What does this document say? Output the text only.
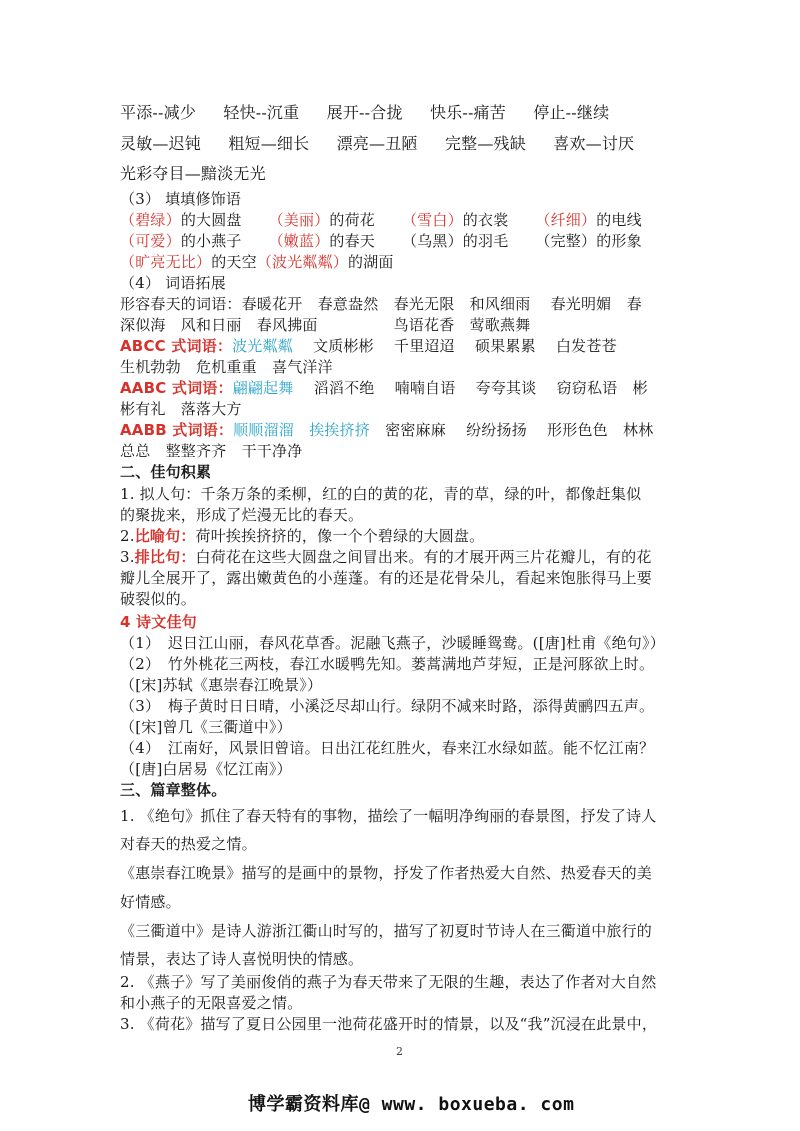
平添--减少 轻快--沉重 展开--合拢 快乐--痛苦 停止--继续
灵敏—迟钝 粗短—细长 漂亮—丑陋 完整—残缺 喜欢—讨厌
光彩夺目—黯淡无光
（3） 填填修饰语
（碧绿）的大圆盘 （美丽）的荷花 （雪白）的衣裳 （纤细）的电线
（可爱）的小燕子 （嫩蓝）的春天 （乌黑）的羽毛 （完整）的形象
（旷亮无比）的天空（波光粼粼）的湖面
（4） 词语拓展
形容春天的词语：春暖花开　春意盎然　春光无限　和风细雨　 春光明媚　春
深似海　风和日丽　春风拂面　　　　　鸟语花香　莺歌燕舞
ABCC 式词语：波光粼粼　 文质彬彬　 千里迢迢　 硕果累累　 白发苍苍
生机勃勃　危机重重　喜气洋洋
AABC 式词语：翩翩起舞　 滔滔不绝　 喃喃自语　 夸夸其谈　 窃窃私语　彬
彬有礼　落落大方
AABB 式词语：顺顺溜溜　挨挨挤挤　密密麻麻　 纷纷扬扬　 形形色色　林林
总总　整整齐齐　干干净净
二、佳句积累
1. 拟人句：千条万条的柔柳，红的白的黄的花，青的草，绿的叶，都像赶集似
的聚拢来，形成了烂漫无比的春天。
2.比喻句：荷叶挨挨挤挤的，像一个个碧绿的大圆盘。
3.排比句：白荷花在这些大圆盘之间冒出来。有的才展开两三片花瓣儿，有的花
瓣儿全展开了，露出嫩黄色的小莲蓬。有的还是花骨朵儿，看起来饱胀得马上要
破裂似的。
4 诗文佳句
（1）　迟日江山丽，春风花草香。泥融飞燕子，沙暖睡鸳鸯。([唐]杜甫《绝句》）
（2）　竹外桃花三两枝，春江水暖鸭先知。蒌蒿满地芦芽短，正是河豚欲上时。
（[宋]苏轼《惠崇春江晚景》）
（3）　梅子黄时日日晴，小溪泛尽却山行。绿阴不减来时路，添得黄鹂四五声。
（[宋]曾几《三衢道中》）
（4）　江南好，风景旧曾谙。日出江花红胜火，春来江水绿如蓝。能不忆江南？
（[唐]白居易《忆江南》）
三、篇章整体。
1. 《绝句》抓住了春天特有的事物，描绘了一幅明净绚丽的春景图，抒发了诗人
对春天的热爱之情。
《惠崇春江晚景》描写的是画中的景物，抒发了作者热爱大自然、热爱春天的美
好情感。
《三衢道中》是诗人游浙江衢山时写的，描写了初夏时节诗人在三衢道中旅行的
情景，表达了诗人喜悦明快的情感。
2. 《燕子》写了美丽俊俏的燕子为春天带来了无限的生趣，表达了作者对大自然
和小燕子的无限喜爱之情。
3. 《荷花》描写了夏日公园里一池荷花盛开时的情景，以及“我”沉浸在此景中，
2
博学霸资料库@ www. boxueba. com
